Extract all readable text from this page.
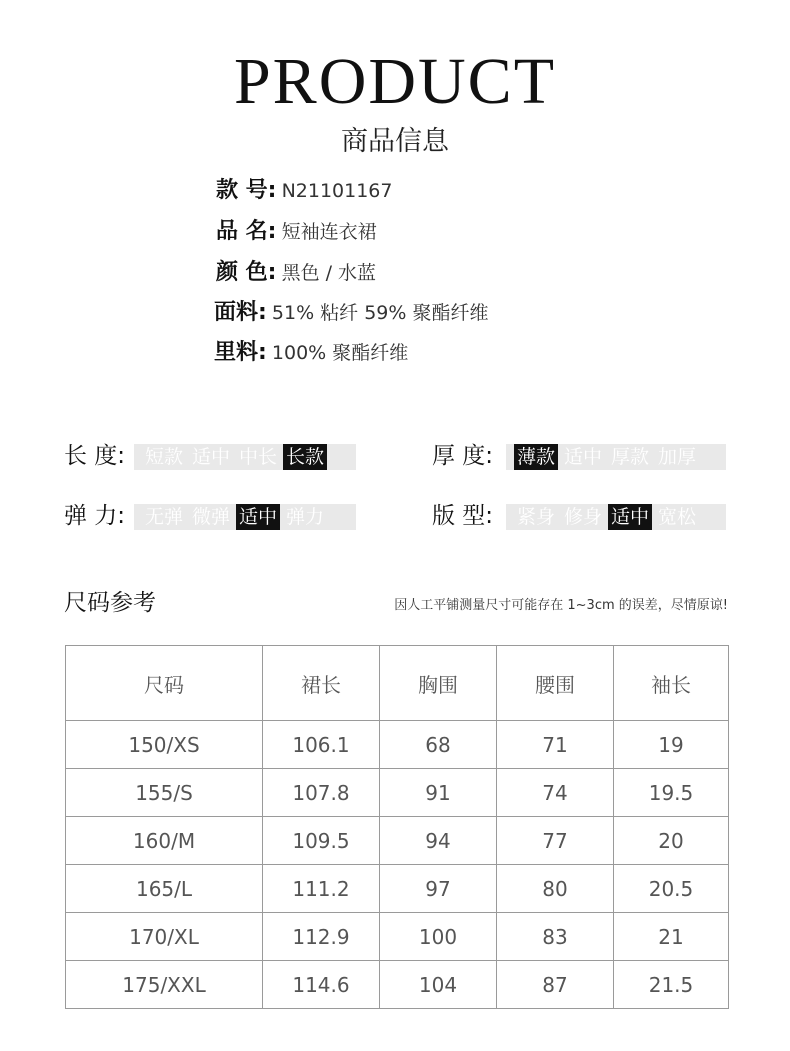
PRODUCT
商品信息
款 号: N21101167
品 名: 短袖连衣裙
颜 色: 黑色 / 水蓝
面料: 51% 粘纤 59% 聚酯纤维
里料: 100% 聚酯纤维
长 度: 短款 适中 中长 长款	厚 度: 薄款 适中 厚款 加厚
弹 力: 无弹 微弹 适中 弹力	版 型: 紧身 修身 适中 宽松
尺码参考	因人工平铺测量尺寸可能存在 1~3cm 的误差，尽情原谅!
尺码	裙长	胸围	腰围	袖长
150/XS	106.1	68	71	19
155/S	107.8	91	74	19.5
160/M	109.5	94	77	20
165/L	111.2	97	80	20.5
170/XL	112.9	100	83	21
175/XXL	114.6	104	87	21.5
